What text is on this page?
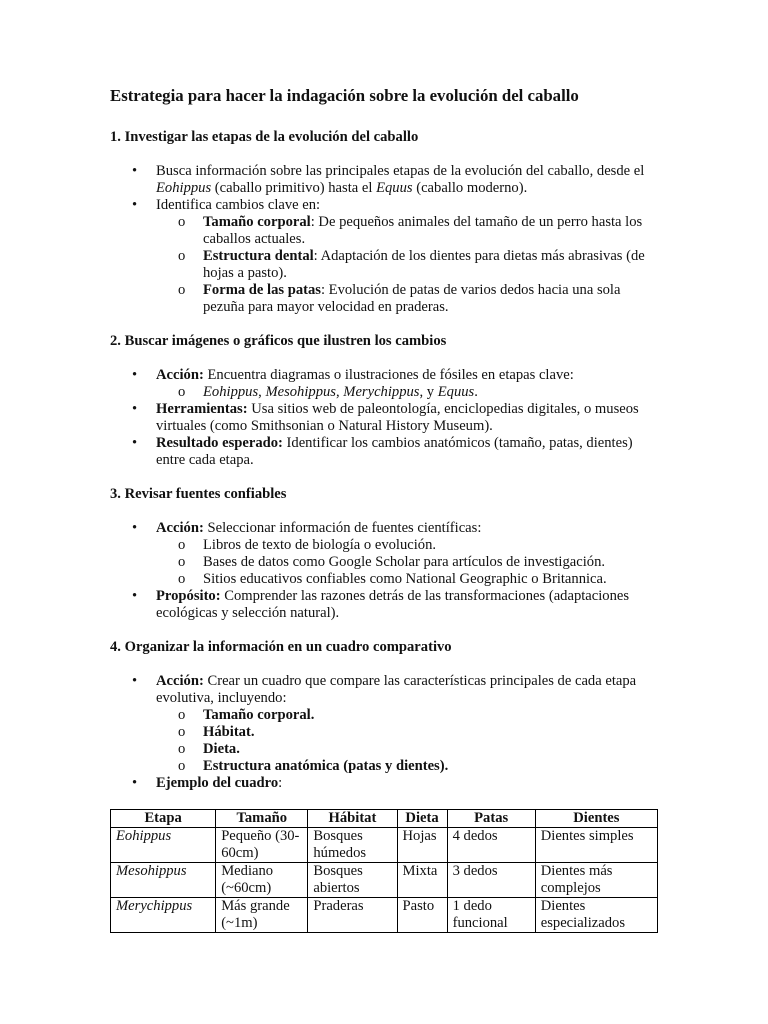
Estrategia para hacer la indagación sobre la evolución del caballo
1. Investigar las etapas de la evolución del caballo
• Busca información sobre las principales etapas de la evolución del caballo, desde el Eohippus (caballo primitivo) hasta el Equus (caballo moderno).
• Identifica cambios clave en:
o Tamaño corporal: De pequeños animales del tamaño de un perro hasta los caballos actuales.
o Estructura dental: Adaptación de los dientes para dietas más abrasivas (de hojas a pasto).
o Forma de las patas: Evolución de patas de varios dedos hacia una sola pezuña para mayor velocidad en praderas.
2. Buscar imágenes o gráficos que ilustren los cambios
• Acción: Encuentra diagramas o ilustraciones de fósiles en etapas clave:
o Eohippus, Mesohippus, Merychippus, y Equus.
• Herramientas: Usa sitios web de paleontología, enciclopedias digitales, o museos virtuales (como Smithsonian o Natural History Museum).
• Resultado esperado: Identificar los cambios anatómicos (tamaño, patas, dientes) entre cada etapa.
3. Revisar fuentes confiables
• Acción: Seleccionar información de fuentes científicas:
o Libros de texto de biología o evolución.
o Bases de datos como Google Scholar para artículos de investigación.
o Sitios educativos confiables como National Geographic o Britannica.
• Propósito: Comprender las razones detrás de las transformaciones (adaptaciones ecológicas y selección natural).
4. Organizar la información en un cuadro comparativo
• Acción: Crear un cuadro que compare las características principales de cada etapa evolutiva, incluyendo:
o Tamaño corporal.
o Hábitat.
o Dieta.
o Estructura anatómica (patas y dientes).
• Ejemplo del cuadro:
Etapa	Tamaño	Hábitat	Dieta	Patas	Dientes
Eohippus	Pequeño (30-60cm)	Bosques húmedos	Hojas	4 dedos	Dientes simples
Mesohippus	Mediano (~60cm)	Bosques abiertos	Mixta	3 dedos	Dientes más complejos
Merychippus	Más grande (~1m)	Praderas	Pasto	1 dedo funcional	Dientes especializados
